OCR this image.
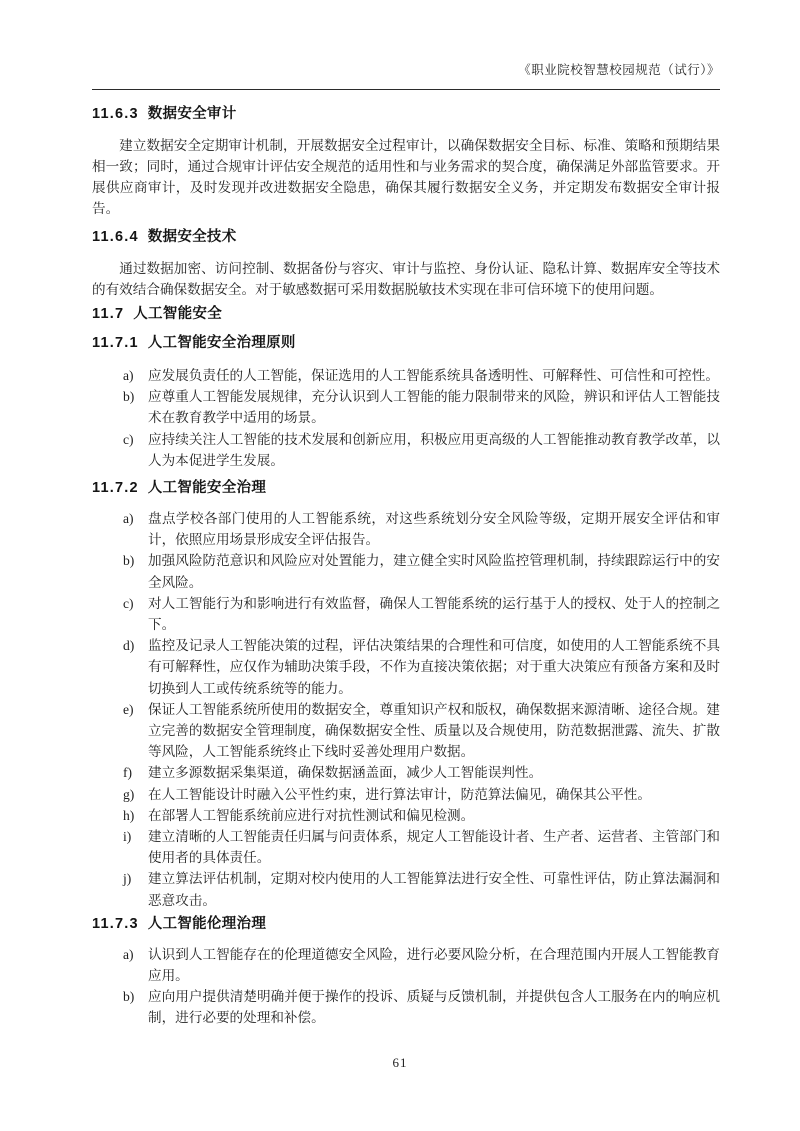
《职业院校智慧校园规范（试行）》
11.6.3 数据安全审计

建立数据安全定期审计机制，开展数据安全过程审计，以确保数据安全目标、标准、策略和预期结果相一致；同时，通过合规审计评估安全规范的适用性和与业务需求的契合度，确保满足外部监管要求。开展供应商审计，及时发现并改进数据安全隐患，确保其履行数据安全义务，并定期发布数据安全审计报告。

11.6.4 数据安全技术

通过数据加密、访问控制、数据备份与容灾、审计与监控、身份认证、隐私计算、数据库安全等技术的有效结合确保数据安全。对于敏感数据可采用数据脱敏技术实现在非可信环境下的使用问题。

11.7 人工智能安全
11.7.1 人工智能安全治理原则
a)	应发展负责任的人工智能，保证选用的人工智能系统具备透明性、可解释性、可信性和可控性。
b)	应尊重人工智能发展规律，充分认识到人工智能的能力限制带来的风险，辨识和评估人工智能技术在教育教学中适用的场景。
c)	应持续关注人工智能的技术发展和创新应用，积极应用更高级的人工智能推动教育教学改革，以人为本促进学生发展。
11.7.2 人工智能安全治理
a)	盘点学校各部门使用的人工智能系统，对这些系统划分安全风险等级，定期开展安全评估和审计，依照应用场景形成安全评估报告。
b)	加强风险防范意识和风险应对处置能力，建立健全实时风险监控管理机制，持续跟踪运行中的安全风险。
c)	对人工智能行为和影响进行有效监督，确保人工智能系统的运行基于人的授权、处于人的控制之下。
d)	监控及记录人工智能决策的过程，评估决策结果的合理性和可信度，如使用的人工智能系统不具有可解释性，应仅作为辅助决策手段，不作为直接决策依据；对于重大决策应有预备方案和及时切换到人工或传统系统等的能力。
e)	保证人工智能系统所使用的数据安全，尊重知识产权和版权，确保数据来源清晰、途径合规。建立完善的数据安全管理制度，确保数据安全性、质量以及合规使用，防范数据泄露、流失、扩散等风险，人工智能系统终止下线时妥善处理用户数据。
f)	建立多源数据采集渠道，确保数据涵盖面，减少人工智能误判性。
g)	在人工智能设计时融入公平性约束，进行算法审计，防范算法偏见，确保其公平性。
h)	在部署人工智能系统前应进行对抗性测试和偏见检测。
i)	建立清晰的人工智能责任归属与问责体系，规定人工智能设计者、生产者、运营者、主管部门和使用者的具体责任。
j)	建立算法评估机制，定期对校内使用的人工智能算法进行安全性、可靠性评估，防止算法漏洞和恶意攻击。
11.7.3 人工智能伦理治理
a)	认识到人工智能存在的伦理道德安全风险，进行必要风险分析，在合理范围内开展人工智能教育应用。
b)	应向用户提供清楚明确并便于操作的投诉、质疑与反馈机制，并提供包含人工服务在内的响应机制，进行必要的处理和补偿。
61
